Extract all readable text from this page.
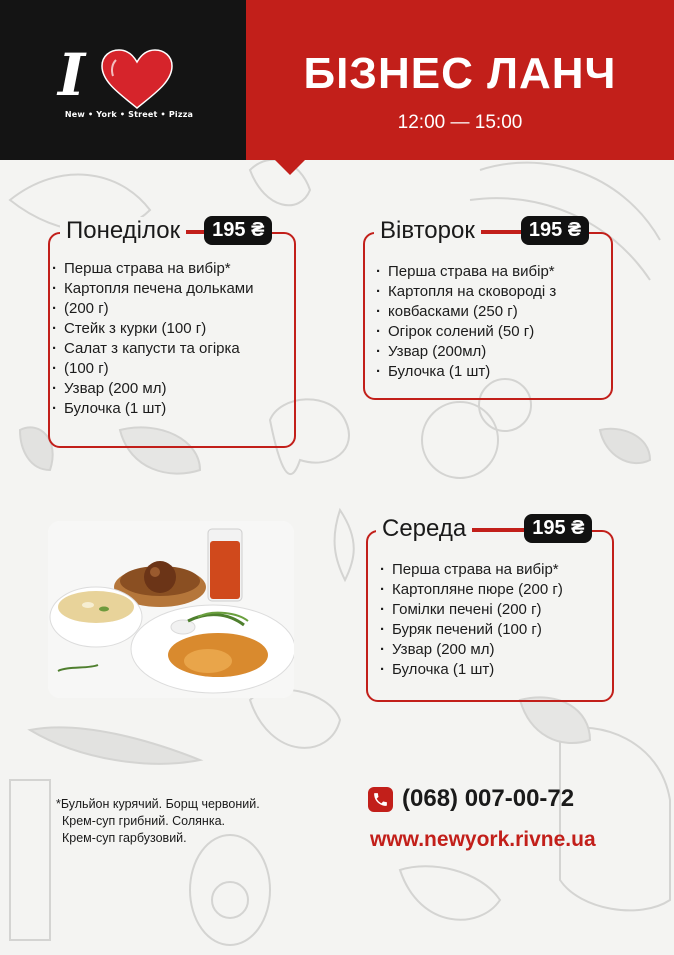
I
New • York • Street • Pizza
БІЗНЕС ЛАНЧ
12:00 — 15:00
Понеділок	195 ₴
· Перша страва на вибір*
· Картопля печена дольками
· (200 г)
· Стейк з курки (100 г)
· Салат з капусти та огірка
· (100 г)
· Узвар (200 мл)
· Булочка (1 шт)
Вівторок	195 ₴
· Перша страва на вибір*
· Картопля на сковороді з
· ковбасками (250 г)
· Огірок солений (50 г)
· Узвар (200мл)
· Булочка (1 шт)
Середа	195 ₴
· Перша страва на вибір*
· Картопляне пюре (200 г)
· Гомілки печені (200 г)
· Буряк печений (100 г)
· Узвар (200 мл)
· Булочка (1 шт)
*Бульйон курячий. Борщ червоний.
Крем-суп грибний. Солянка.
Крем-суп гарбузовий.
(068) 007-00-72
www.newyork.rivne.ua
